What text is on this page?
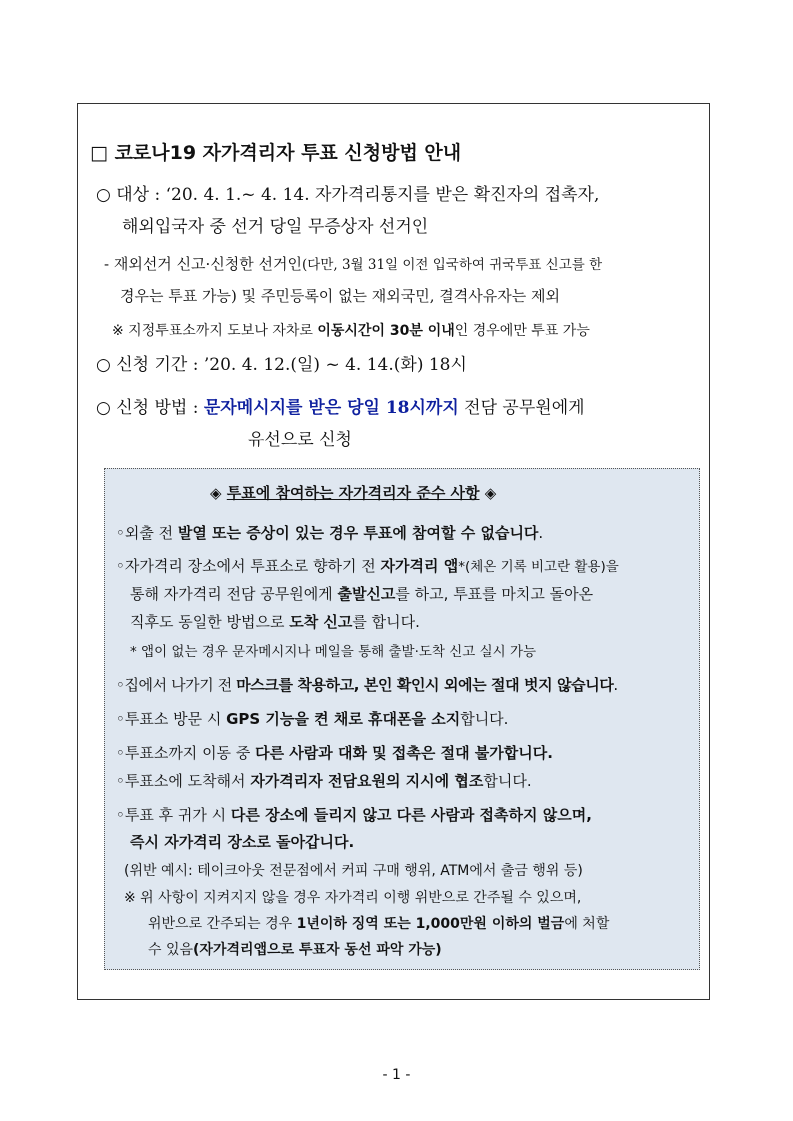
□ 코로나19 자가격리자 투표 신청방법 안내
○ 대상 : ‘20. 4. 1.~ 4. 14. 자가격리통지를 받은 확진자의 접촉자,
해외입국자 중 선거 당일 무증상자 선거인
- 재외선거 신고·신청한 선거인(다만, 3월 31일 이전 입국하여 귀국투표 신고를 한
경우는 투표 가능) 및 주민등록이 없는 재외국민, 결격사유자는 제외
※ 지정투표소까지 도보나 자차로 이동시간이 30분 이내인 경우에만 투표 가능
○ 신청 기간 : ’20. 4. 12.(일) ~ 4. 14.(화) 18시
○ 신청 방법 : 문자메시지를 받은 당일 18시까지 전담 공무원에게
유선으로 신청
◈ 투표에 참여하는 자가격리자 준수 사항 ◈
◦외출 전 발열 또는 증상이 있는 경우 투표에 참여할 수 없습니다.
◦자가격리 장소에서 투표소로 향하기 전 자가격리 앱*(체온 기록 비고란 활용)을
통해 자가격리 전담 공무원에게 출발신고를 하고, 투표를 마치고 돌아온
직후도 동일한 방법으로 도착 신고를 합니다.
* 앱이 없는 경우 문자메시지나 메일을 통해 출발·도착 신고 실시 가능
◦집에서 나가기 전 마스크를 착용하고, 본인 확인시 외에는 절대 벗지 않습니다.
◦투표소 방문 시 GPS 기능을 켠 채로 휴대폰을 소지합니다.
◦투표소까지 이동 중 다른 사람과 대화 및 접촉은 절대 불가합니다.
◦투표소에 도착해서 자가격리자 전담요원의 지시에 협조합니다.
◦투표 후 귀가 시 다른 장소에 들리지 않고 다른 사람과 접촉하지 않으며,
즉시 자가격리 장소로 돌아갑니다.
(위반 예시: 테이크아웃 전문점에서 커피 구매 행위, ATM에서 출금 행위 등)
※ 위 사항이 지켜지지 않을 경우 자가격리 이행 위반으로 간주될 수 있으며,
위반으로 간주되는 경우 1년이하 징역 또는 1,000만원 이하의 벌금에 처할
수 있음(자가격리앱으로 투표자 동선 파악 가능)
- 1 -
